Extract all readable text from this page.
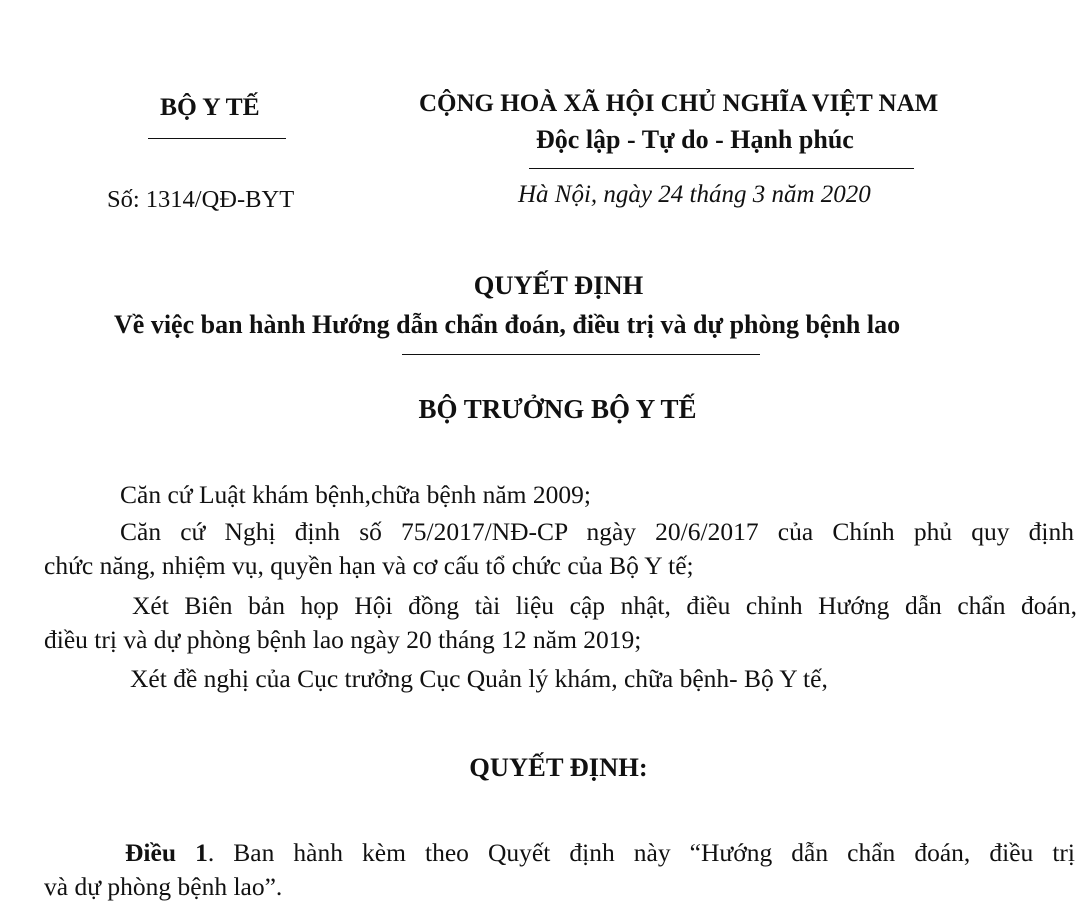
BỘ Y TẾ
Số: 1314/QĐ-BYT
CỘNG HOÀ XÃ HỘI CHỦ NGHĨA VIỆT NAM
Độc lập - Tự do - Hạnh phúc
Hà Nội, ngày 24 tháng 3 năm 2020
QUYẾT ĐỊNH
Về việc ban hành Hướng dẫn chẩn đoán, điều trị và dự phòng bệnh lao
BỘ TRƯỞNG BỘ Y TẾ
Căn cứ Luật khám bệnh,chữa bệnh năm 2009;
Căn cứ Nghị định số 75/2017/NĐ-CP ngày 20/6/2017 của Chính phủ quy định
chức năng, nhiệm vụ, quyền hạn và cơ cấu tổ chức của Bộ Y tế;
Xét Biên bản họp Hội đồng tài liệu cập nhật, điều chỉnh Hướng dẫn chẩn đoán,
điều trị và dự phòng bệnh lao ngày 20 tháng 12 năm 2019;
Xét đề nghị của Cục trưởng Cục Quản lý khám, chữa bệnh- Bộ Y tế,
QUYẾT ĐỊNH:
Điều 1. Ban hành kèm theo Quyết định này “Hướng dẫn chẩn đoán, điều trị
và dự phòng bệnh lao”.
